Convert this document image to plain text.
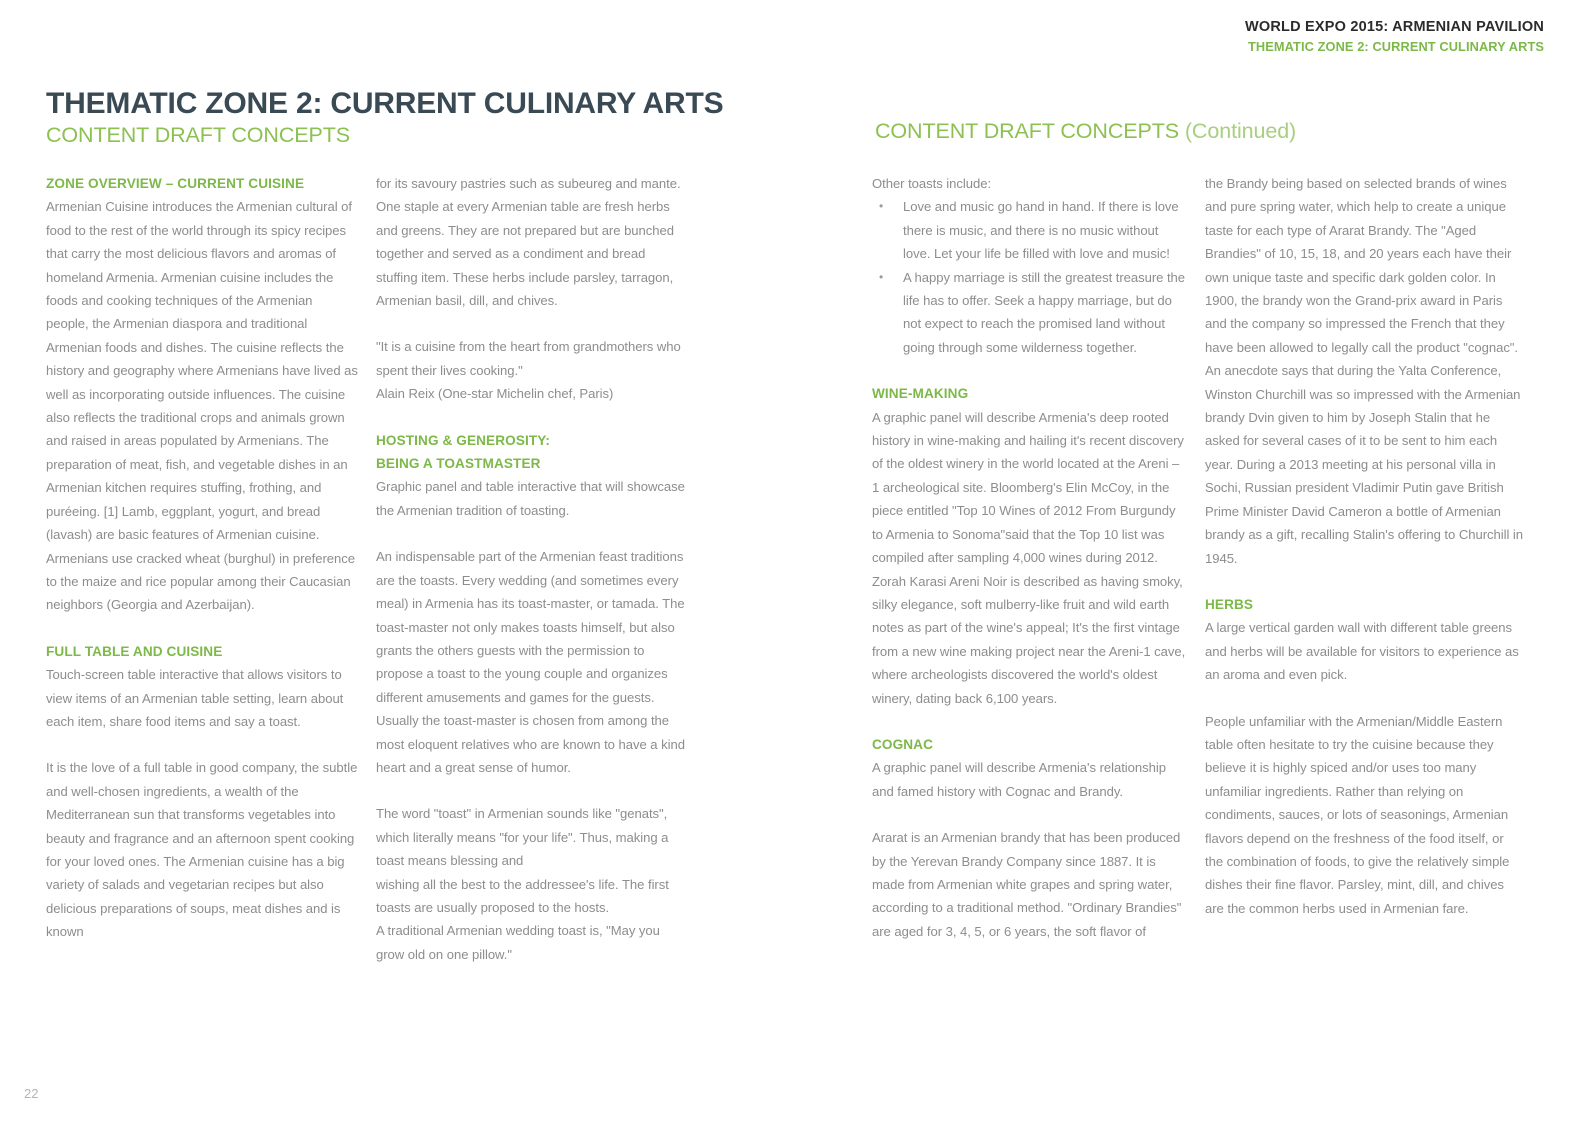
WORLD EXPO 2015: ARMENIAN PAVILION
THEMATIC ZONE 2: CURRENT CULINARY ARTS
THEMATIC ZONE 2: CURRENT CULINARY ARTS
CONTENT DRAFT CONCEPTS	CONTENT DRAFT CONCEPTS (Continued)
ZONE OVERVIEW – CURRENT CUISINE

Armenian Cuisine introduces the Armenian cultural of food to the rest of the world through its spicy recipes that carry the most delicious flavors and aromas of homeland Armenia. Armenian cuisine includes the foods and cooking techniques of the Armenian people, the Armenian diaspora and traditional Armenian foods and dishes. The cuisine reflects the history and geography where Armenians have lived as well as incorporating outside influences. The cuisine also reflects the traditional crops and animals grown and raised in areas populated by Armenians. The preparation of meat, fish, and vegetable dishes in an Armenian kitchen requires stuffing, frothing, and puréeing. [1] Lamb, eggplant, yogurt, and bread (lavash) are basic features of Armenian cuisine. Armenians use cracked wheat (burghul) in preference to the maize and rice popular among their Caucasian neighbors (Georgia and Azerbaijan).

FULL TABLE AND CUISINE

Touch-screen table interactive that allows visitors to view items of an Armenian table setting, learn about each item, share food items and say a toast.

It is the love of a full table in good company, the subtle and well-chosen ingredients, a wealth of the Mediterranean sun that transforms vegetables into beauty and fragrance and an afternoon spent cooking for your loved ones. The Armenian cuisine has a big variety of salads and vegetarian recipes but also delicious preparations of soups, meat dishes and is known

for its savoury pastries such as subeureg and mante. One staple at every Armenian table are fresh herbs and greens. They are not prepared but are bunched together and served as a condiment and bread stuffing item. These herbs include parsley, tarragon, Armenian basil, dill, and chives.

"It is a cuisine from the heart from grandmothers who spent their lives cooking."

Alain Reix (One-star Michelin chef, Paris)

HOSTING & GENEROSITY:
BEING A TOASTMASTER

Graphic panel and table interactive that will showcase the Armenian tradition of toasting.

An indispensable part of the Armenian feast traditions are the toasts. Every wedding (and sometimes every meal) in Armenia has its toast-master, or tamada. The toast-master not only makes toasts himself, but also grants the others guests with the permission to propose a toast to the young couple and organizes different amusements and games for the guests. Usually the toast-master is chosen from among the most eloquent relatives who are known to have a kind heart and a great sense of humor.

The word "toast" in Armenian sounds like "genats", which literally means "for your life". Thus, making a toast means blessing and

wishing all the best to the addressee's life. The first toasts are usually proposed to the hosts.

A traditional Armenian wedding toast is, "May you grow old on one pillow."

Other toasts include:

• Love and music go hand in hand. If there is love there is music, and there is no music without love. Let your life be filled with love and music!
• A happy marriage is still the greatest treasure the life has to offer. Seek a happy marriage, but do not expect to reach the promised land without going through some wilderness together.
WINE-MAKING

A graphic panel will describe Armenia's deep rooted history in wine-making and hailing it's recent discovery of the oldest winery in the world located at the Areni – 1 archeological site. Bloomberg's Elin McCoy, in the piece entitled "Top 10 Wines of 2012 From Burgundy to Armenia to Sonoma"said that the Top 10 list was compiled after sampling 4,000 wines during 2012. Zorah Karasi Areni Noir is described as having smoky, silky elegance, soft mulberry-like fruit and wild earth notes as part of the wine's appeal; It's the first vintage from a new wine making project near the Areni-1 cave, where archeologists discovered the world's oldest winery, dating back 6,100 years.

COGNAC

A graphic panel will describe Armenia's relationship and famed history with Cognac and Brandy.

Ararat is an Armenian brandy that has been produced by the Yerevan Brandy Company since 1887. It is made from Armenian white grapes and spring water, according to a traditional method. "Ordinary Brandies" are aged for 3, 4, 5, or 6 years, the soft flavor of

the Brandy being based on selected brands of wines and pure spring water, which help to create a unique taste for each type of Ararat Brandy. The "Aged Brandies" of 10, 15, 18, and 20 years each have their own unique taste and specific dark golden color. In 1900, the brandy won the Grand-prix award in Paris and the company so impressed the French that they have been allowed to legally call the product "cognac". An anecdote says that during the Yalta Conference, Winston Churchill was so impressed with the Armenian brandy Dvin given to him by Joseph Stalin that he asked for several cases of it to be sent to him each year. During a 2013 meeting at his personal villa in Sochi, Russian president Vladimir Putin gave British Prime Minister David Cameron a bottle of Armenian brandy as a gift, recalling Stalin's offering to Churchill in 1945.

HERBS

A large vertical garden wall with different table greens and herbs will be available for visitors to experience as an aroma and even pick.

People unfamiliar with the Armenian/Middle Eastern table often hesitate to try the cuisine because they believe it is highly spiced and/or uses too many unfamiliar ingredients. Rather than relying on condiments, sauces, or lots of seasonings, Armenian flavors depend on the freshness of the food itself, or the combination of foods, to give the relatively simple dishes their fine flavor. Parsley, mint, dill, and chives are the common herbs used in Armenian fare.

22
